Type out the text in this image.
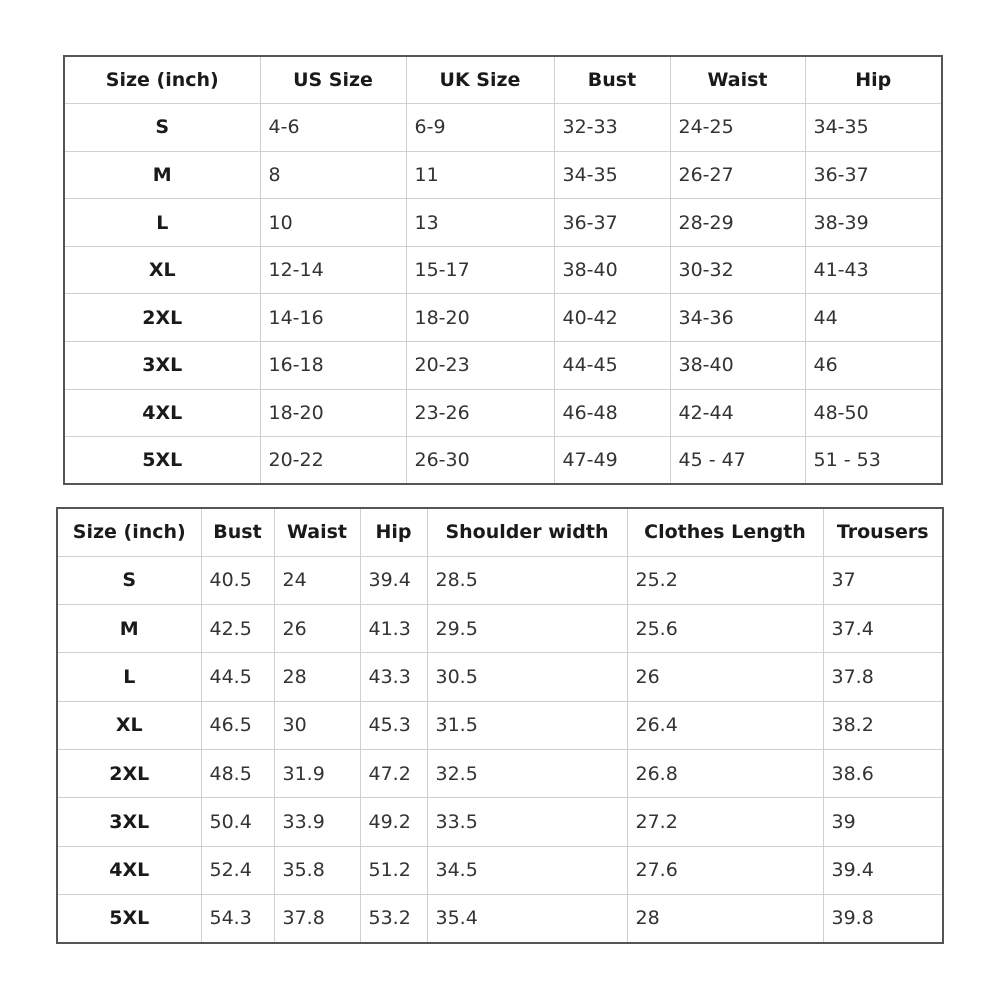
Size (inch)	US Size	UK Size	Bust	Waist	Hip
S	4-6	6-9	32-33	24-25	34-35
M	8	11	34-35	26-27	36-37
L	10	13	36-37	28-29	38-39
XL	12-14	15-17	38-40	30-32	41-43
2XL	14-16	18-20	40-42	34-36	44
3XL	16-18	20-23	44-45	38-40	46
4XL	18-20	23-26	46-48	42-44	48-50
5XL	20-22	26-30	47-49	45 - 47	51 - 53
Size (inch)	Bust	Waist	Hip	Shoulder width	Clothes Length	Trousers
S	40.5	24	39.4	28.5	25.2	37
M	42.5	26	41.3	29.5	25.6	37.4
L	44.5	28	43.3	30.5	26	37.8
XL	46.5	30	45.3	31.5	26.4	38.2
2XL	48.5	31.9	47.2	32.5	26.8	38.6
3XL	50.4	33.9	49.2	33.5	27.2	39
4XL	52.4	35.8	51.2	34.5	27.6	39.4
5XL	54.3	37.8	53.2	35.4	28	39.8
